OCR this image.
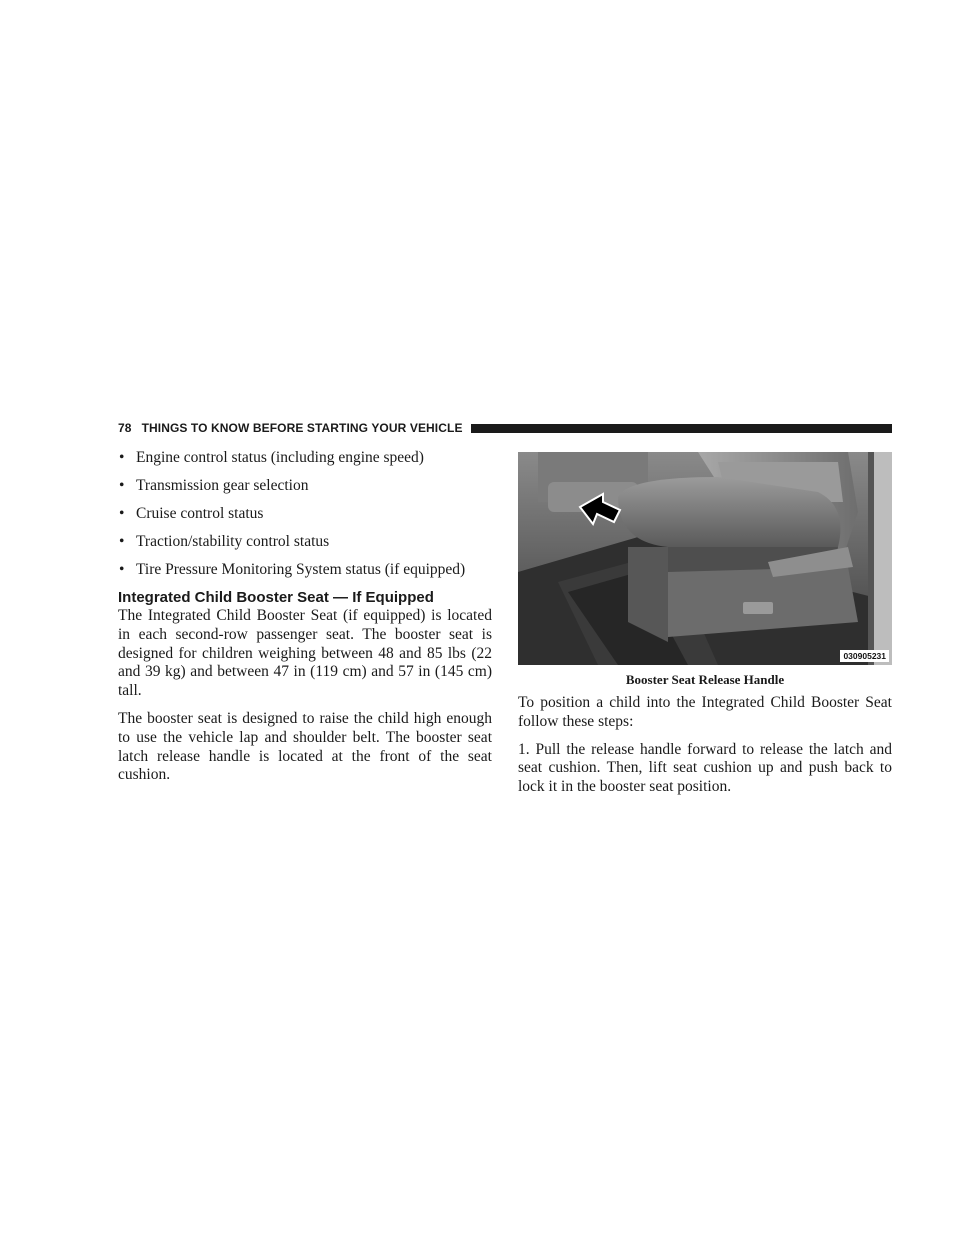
78 THINGS TO KNOW BEFORE STARTING YOUR VEHICLE
• Engine control status (including engine speed)
• Transmission gear selection
• Cruise control status
• Traction/stability control status
• Tire Pressure Monitoring System status (if equipped)
Integrated Child Booster Seat — If Equipped

The Integrated Child Booster Seat (if equipped) is located in each second-row passenger seat. The booster seat is designed for children weighing between 48 and 85 lbs (22 and 39 kg) and between 47 in (119 cm) and 57 in (145 cm) tall.

The booster seat is designed to raise the child high enough to use the vehicle lap and shoulder belt. The booster seat latch release handle is located at the front of the seat cushion.

030905231
Booster Seat Release Handle

To position a child into the Integrated Child Booster Seat follow these steps:

1. Pull the release handle forward to release the latch and seat cushion. Then, lift seat cushion up and push back to lock it in the booster seat position.
